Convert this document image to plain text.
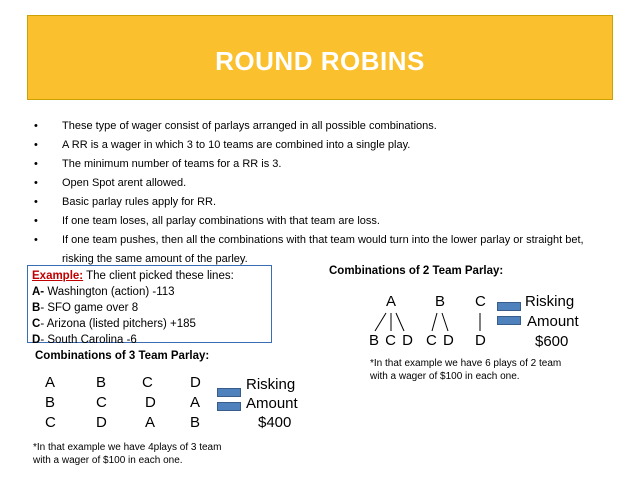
ROUND ROBINS
• These type of wager consist of parlays arranged in all possible combinations.
• A RR is a wager in which 3 to 10 teams are combined into a single play.
• The minimum number of teams for a RR is 3.
• Open Spot arent allowed.
• Basic parlay rules apply for RR.
• If one team loses, all parlay combinations with that team are loss.
• If one team pushes, then all the combinations with that team would turn into the lower parlay or straight bet, risking the same amount of the parley.
Example: The client picked these lines:
A- Washington (action) -113
B- SFO game over 8
C- Arizona (listed pitchers) +185
D- South Carolina -6
Combinations of 2 Team Parlay:
A	B C
B C D C D D
Risking
Amount
$600
*In that example we have 6 plays of 2 team
with a wager of $100 in each one.
Combinations of 3 Team Parlay:
A
B
C
B
C
D
C
D
A
D
A
B
Risking
Amount
$400
*In that example we have 4plays of 3 team
with a wager of $100 in each one.
